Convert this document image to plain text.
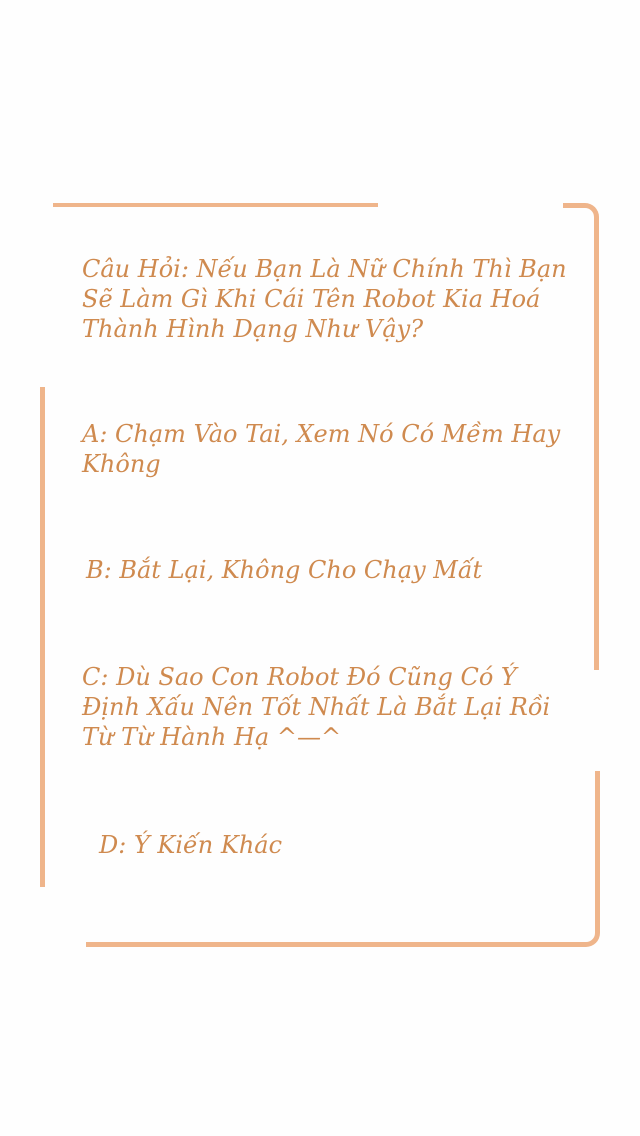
Câu Hỏi: Nếu Bạn Là Nữ Chính Thì Bạn Sẽ Làm Gì Khi Cái Tên Robot Kia Hoá Thành Hình Dạng Như Vậy?

A: Chạm Vào Tai, Xem Nó Có Mềm Hay Không

B: Bắt Lại, Không Cho Chạy Mất

C: Dù Sao Con Robot Đó Cũng Có Ý Định Xấu Nên Tốt Nhất Là Bắt Lại Rồi Từ Từ Hành Hạ ^—^

D: Ý Kiến Khác
